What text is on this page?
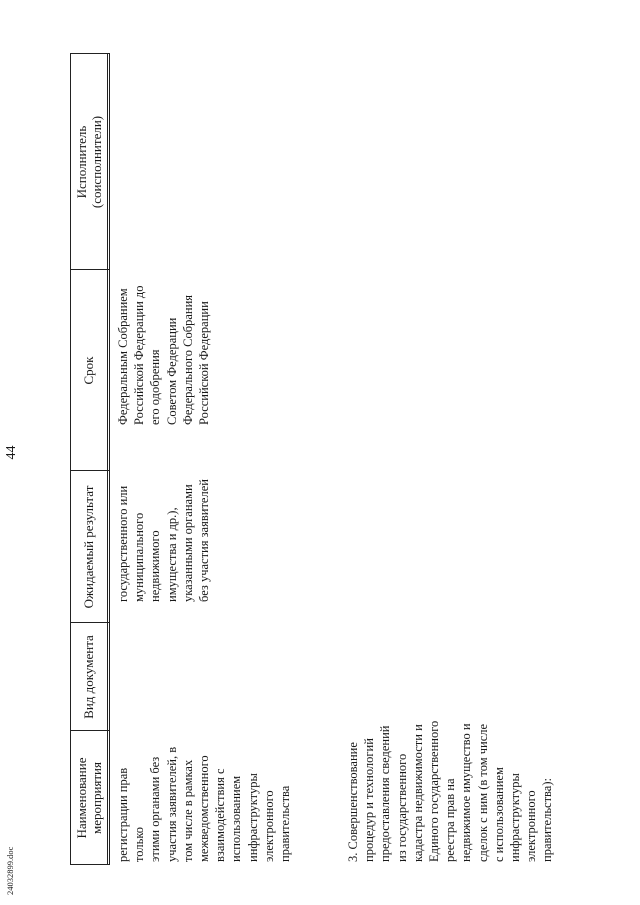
44
24032899.doc
Наименование
мероприятия
Вид документа
Ожидаемый результат
Срок
Исполнитель
(соисполнители)
регистрации прав только
этими органами без
участия заявителей, в
том числе в рамках
межведомственного
взаимодействия с
использованием
инфраструктуры
электронного
правительства
государственного или
муниципального
недвижимого
имущества и др.),
указанными органами
без участия заявителей
Федеральным Собранием
Российской Федерации до
его одобрения
Советом Федерации
Федерального Собрания
Российской Федерации
3. Совершенствование
процедур и технологий
предоставления сведений
из государственного
кадастра недвижимости и
Единого государственного
реестра прав на
недвижимое имущество и
сделок с ним (в том числе
с использованием
инфраструктуры
электронного
правительства):
